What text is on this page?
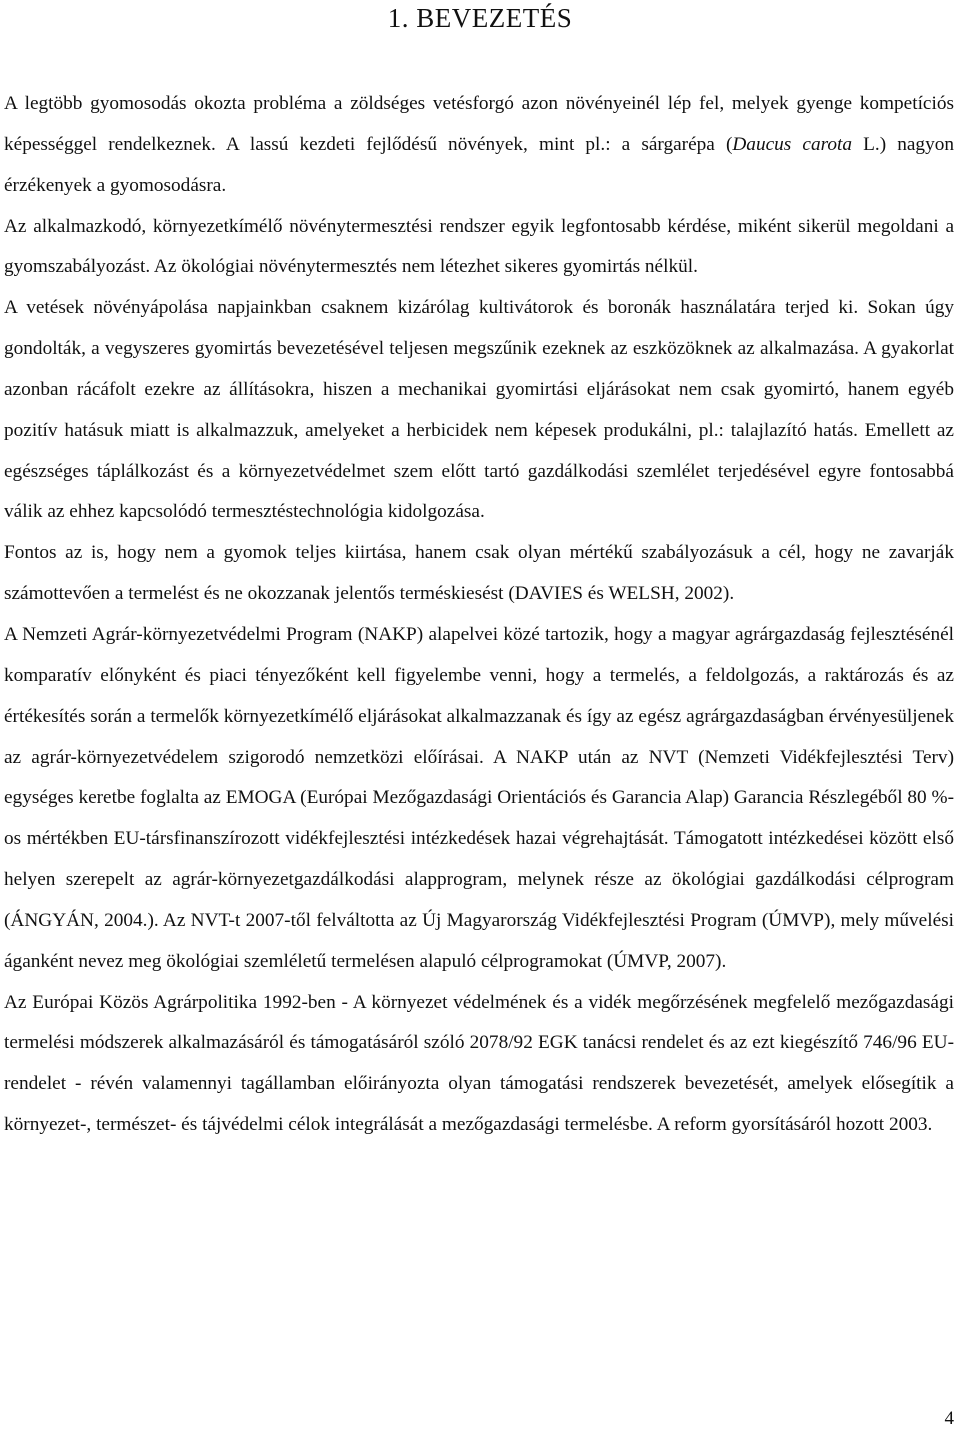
1. BEVEZETÉS

A legtöbb gyomosodás okozta probléma a zöldséges vetésforgó azon növényeinél lép fel, melyek gyenge kompetíciós képességgel rendelkeznek. A lassú kezdeti fejlődésű növények, mint pl.: a sárgarépa (Daucus carota L.) nagyon érzékenyek a gyomosodásra.

Az alkalmazkodó, környezetkímélő növénytermesztési rendszer egyik legfontosabb kérdése, miként sikerül megoldani a gyomszabályozást. Az ökológiai növénytermesztés nem létezhet sikeres gyomirtás nélkül.

A vetések növényápolása napjainkban csaknem kizárólag kultivátorok és boronák használatára terjed ki. Sokan úgy gondolták, a vegyszeres gyomirtás bevezetésével teljesen megszűnik ezeknek az eszközöknek az alkalmazása. A gyakorlat azonban rácáfolt ezekre az állításokra, hiszen a mechanikai gyomirtási eljárásokat nem csak gyomirtó, hanem egyéb pozitív hatásuk miatt is alkalmazzuk, amelyeket a herbicidek nem képesek produkálni, pl.: talajlazító hatás. Emellett az egészséges táplálkozást és a környezetvédelmet szem előtt tartó gazdálkodási szemlélet terjedésével egyre fontosabbá válik az ehhez kapcsolódó termesztéstechnológia kidolgozása.

Fontos az is, hogy nem a gyomok teljes kiirtása, hanem csak olyan mértékű szabályozásuk a cél, hogy ne zavarják számottevően a termelést és ne okozzanak jelentős terméskiesést (DAVIES és WELSH, 2002).

A Nemzeti Agrár-környezetvédelmi Program (NAKP) alapelvei közé tartozik, hogy a magyar agrárgazdaság fejlesztésénél komparatív előnyként és piaci tényezőként kell figyelembe venni, hogy a termelés, a feldolgozás, a raktározás és az értékesítés során a termelők környezetkímélő eljárásokat alkalmazzanak és így az egész agrárgazdaságban érvényesüljenek az agrár-környezetvédelem szigorodó nemzetközi előírásai. A NAKP után az NVT (Nemzeti Vidékfejlesztési Terv) egységes keretbe foglalta az EMOGA (Európai Mezőgazdasági Orientációs és Garancia Alap) Garancia Részlegéből 80 %-os mértékben EU-társfinanszírozott vidékfejlesztési intézkedések hazai végrehajtását. Támogatott intézkedései között első helyen szerepelt az agrár-környezetgazdálkodási alapprogram, melynek része az ökológiai gazdálkodási célprogram (ÁNGYÁN, 2004.). Az NVT-t 2007-től felváltotta az Új Magyarország Vidékfejlesztési Program (ÚMVP), mely művelési áganként nevez meg ökológiai szemléletű termelésen alapuló célprogramokat (ÚMVP, 2007).

Az Európai Közös Agrárpolitika 1992-ben - A környezet védelmének és a vidék megőrzésének megfelelő mezőgazdasági termelési módszerek alkalmazásáról és támogatásáról szóló 2078/92 EGK tanácsi rendelet és az ezt kiegészítő 746/96 EU-rendelet - révén valamennyi tagállamban előirányozta olyan támogatási rendszerek bevezetését, amelyek elősegítik a környezet-, természet- és tájvédelmi célok integrálását a mezőgazdasági termelésbe. A reform gyorsításáról hozott 2003.

4
